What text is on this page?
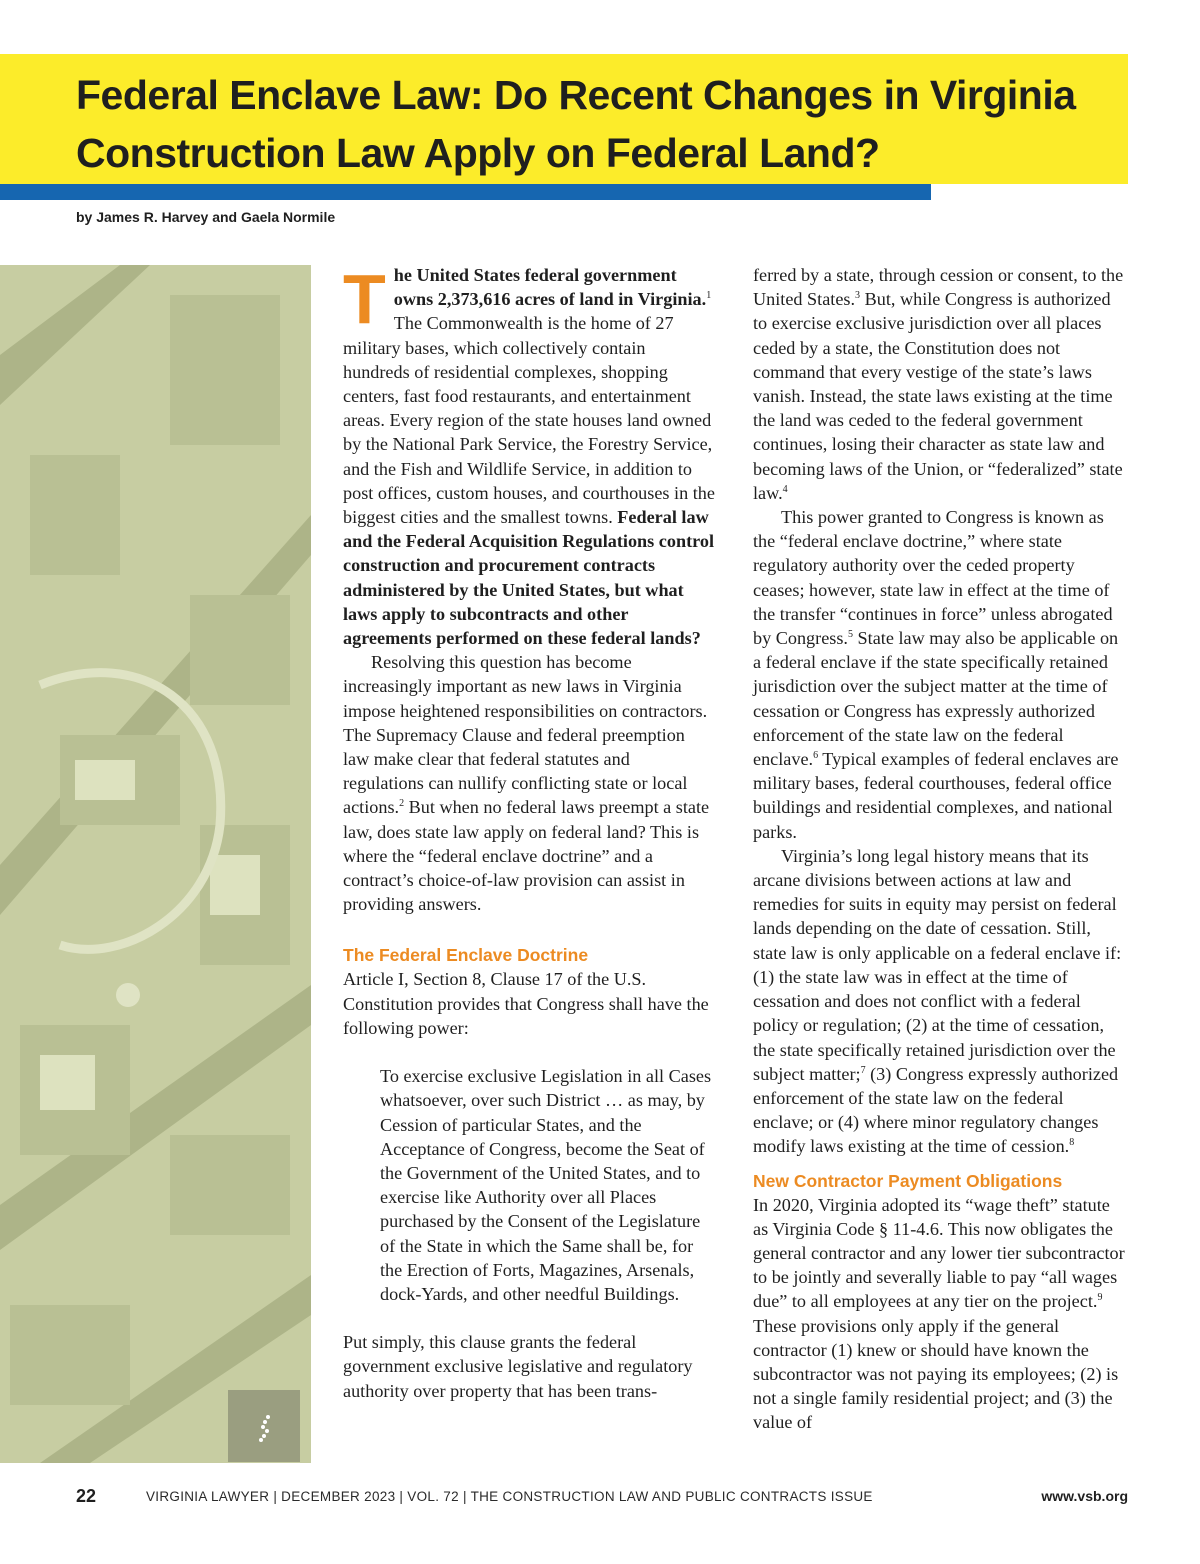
Federal Enclave Law: Do Recent Changes in Virginia Construction Law Apply on Federal Land?
by James R. Harvey and Gaela Normile

The United States federal government owns 2,373,616 acres of land in Virginia.$^1$ The Commonwealth is the home of 27 military bases, which collectively contain hundreds of residential complexes, shopping centers, fast food restaurants, and entertainment areas. Every region of the state houses land owned by the National Park Service, the Forestry Service, and the Fish and Wildlife Service, in addition to post offices, custom houses, and courthouses in the biggest cities and the smallest towns. Federal law and the Federal Acquisition Regulations control construction and procurement contracts administered by the United States, but what laws apply to subcontracts and other agreements performed on these federal lands?

Resolving this question has become increasingly important as new laws in Virginia impose heightened responsibilities on contractors. The Supremacy Clause and federal preemption law make clear that federal statutes and regulations can nullify conflicting state or local actions.$^2$ But when no federal laws preempt a state law, does state law apply on federal land? This is where the “federal enclave doctrine” and a contract’s choice-of-law provision can assist in providing answers.

The Federal Enclave Doctrine

Article I, Section 8, Clause 17 of the U.S. Constitution provides that Congress shall have the following power:

To exercise exclusive Legislation in all Cases whatsoever, over such District … as may, by Cession of particular States, and the Acceptance of Congress, become the Seat of the Government of the United States, and to exercise like Authority over all Places purchased by the Consent of the Legislature of the State in which the Same shall be, for the Erection of Forts, Magazines, Arsenals, dock-Yards, and other needful Buildings.

Put simply, this clause grants the federal government exclusive legislative and regulatory authority over property that has been trans-

ferred by a state, through cession or consent, to the United States.$^3$ But, while Congress is authorized to exercise exclusive jurisdiction over all places ceded by a state, the Constitution does not command that every vestige of the state’s laws vanish. Instead, the state laws existing at the time the land was ceded to the federal government continues, losing their character as state law and becoming laws of the Union, or “federalized” state law.$^4$

This power granted to Congress is known as the “federal enclave doctrine,” where state regulatory authority over the ceded property ceases; however, state law in effect at the time of the transfer “continues in force” unless abrogated by Congress.$^5$ State law may also be applicable on a federal enclave if the state specifically retained jurisdiction over the subject matter at the time of cessation or Congress has expressly authorized enforcement of the state law on the federal enclave.$^6$ Typical examples of federal enclaves are military bases, federal courthouses, federal office buildings and residential complexes, and national parks.

Virginia’s long legal history means that its arcane divisions between actions at law and remedies for suits in equity may persist on federal lands depending on the date of cessation. Still, state law is only applicable on a federal enclave if: (1) the state law was in effect at the time of cessation and does not conflict with a federal policy or regulation; (2) at the time of cessation, the state specifically retained jurisdiction over the subject matter;$^7$ (3) Congress expressly authorized enforcement of the state law on the federal enclave; or (4) where minor regulatory changes modify laws existing at the time of cession.$^8$

New Contractor Payment Obligations

In 2020, Virginia adopted its “wage theft” statute as Virginia Code § 11-4.6. This now obligates the general contractor and any lower tier subcontractor to be jointly and severally liable to pay “all wages due” to all employees at any tier on the project.$^9$ These provisions only apply if the general contractor (1) knew or should have known the subcontractor was not paying its employees; (2) is not a single family residential project; and (3) the value of

22	VIRGINIA LAWYER | DECEMBER 2023 | VOL. 72 | THE CONSTRUCTION LAW AND PUBLIC CONTRACTS ISSUE	www.vsb.org
